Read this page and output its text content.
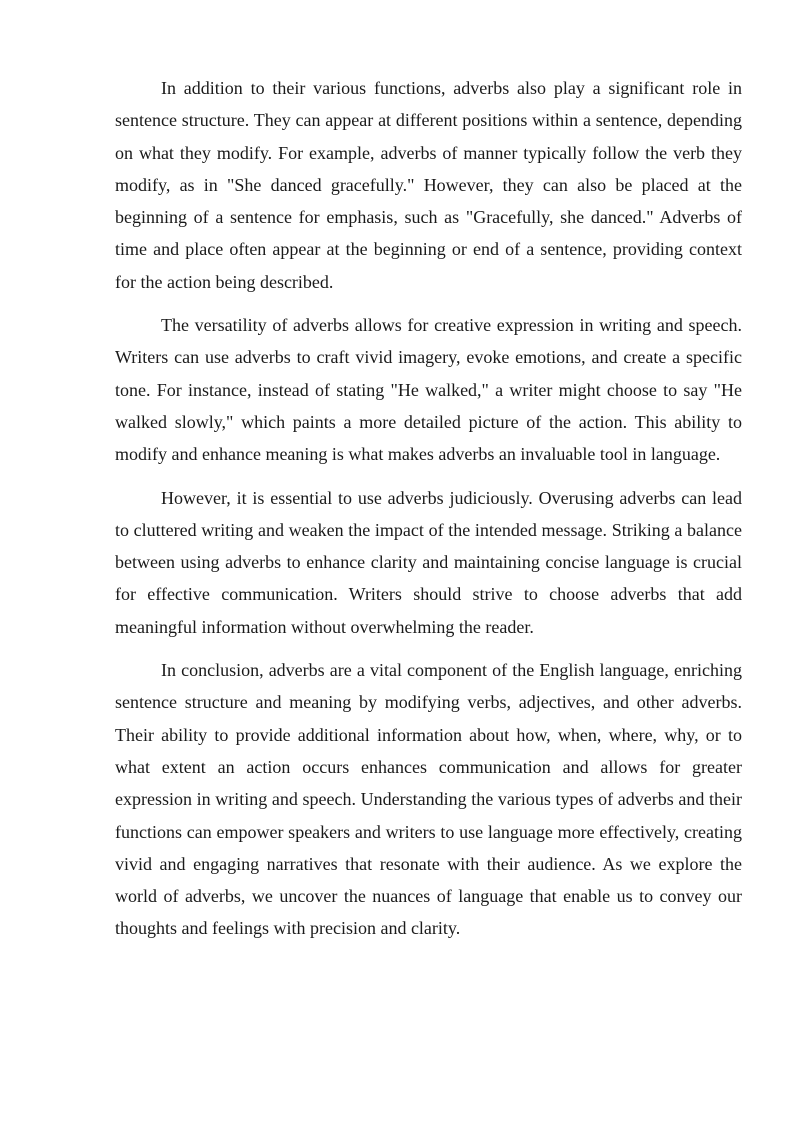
In addition to their various functions, adverbs also play a significant role in sentence structure. They can appear at different positions within a sentence, depending on what they modify. For example, adverbs of manner typically follow the verb they modify, as in "She danced gracefully." However, they can also be placed at the beginning of a sentence for emphasis, such as "Gracefully, she danced." Adverbs of time and place often appear at the beginning or end of a sentence, providing context for the action being described.

The versatility of adverbs allows for creative expression in writing and speech. Writers can use adverbs to craft vivid imagery, evoke emotions, and create a specific tone. For instance, instead of stating "He walked," a writer might choose to say "He walked slowly," which paints a more detailed picture of the action. This ability to modify and enhance meaning is what makes adverbs an invaluable tool in language.

However, it is essential to use adverbs judiciously. Overusing adverbs can lead to cluttered writing and weaken the impact of the intended message. Striking a balance between using adverbs to enhance clarity and maintaining concise language is crucial for effective communication. Writers should strive to choose adverbs that add meaningful information without overwhelming the reader.

In conclusion, adverbs are a vital component of the English language, enriching sentence structure and meaning by modifying verbs, adjectives, and other adverbs. Their ability to provide additional information about how, when, where, why, or to what extent an action occurs enhances communication and allows for greater expression in writing and speech. Understanding the various types of adverbs and their functions can empower speakers and writers to use language more effectively, creating vivid and engaging narratives that resonate with their audience. As we explore the world of adverbs, we uncover the nuances of language that enable us to convey our thoughts and feelings with precision and clarity.
